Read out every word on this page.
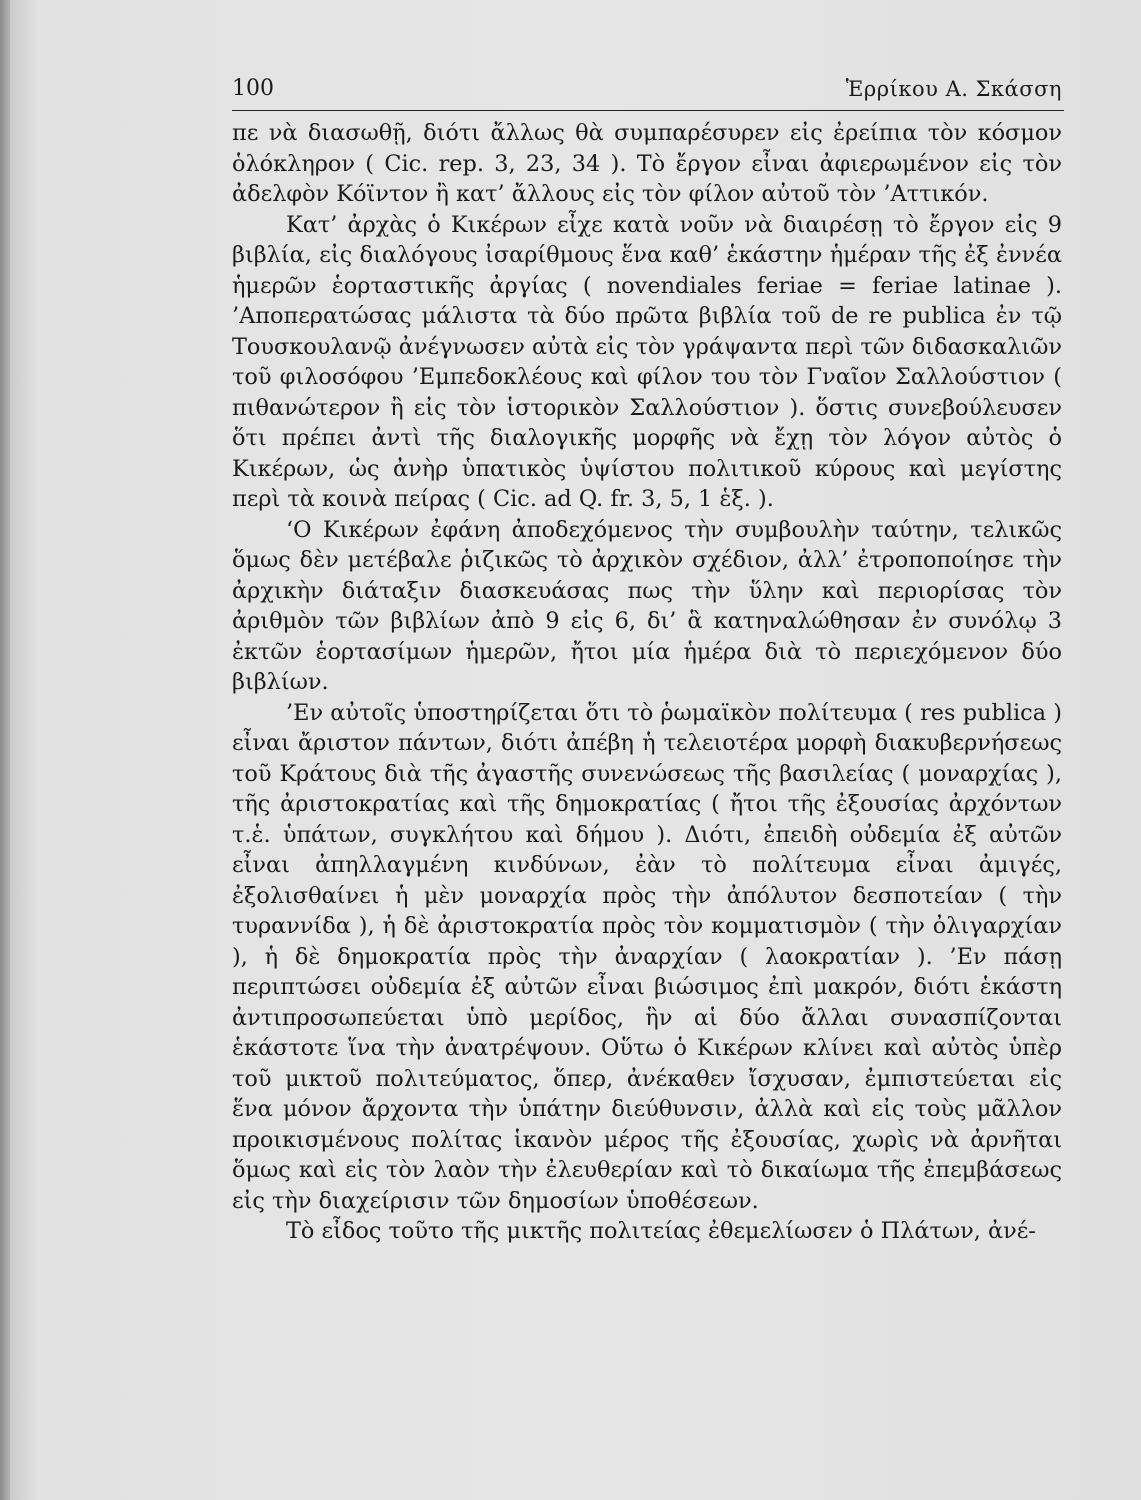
100	Ἑρρίκου Α. Σκάσση

πε νὰ διασωθῇ, διότι ἄλλως θὰ συμπαρέσυρεν εἰς ἐρείπια τὸν κόσμον ὁλόκληρον ( Cic. rep. 3, 23, 34 ). Τὸ ἔργον εἶναι ἀφιερωμένον εἰς τὸν ἀδελφὸν Κόϊντον ἢ κατ’ ἄλλους εἰς τὸν φίλον αὐτοῦ τὸν ’Αττικόν.

Κατ’ ἀρχὰς ὁ Κικέρων εἶχε κατὰ νοῦν νὰ διαιρέσῃ τὸ ἔργον εἰς 9 βιβλία, εἰς διαλόγους ἰσαρίθμους ἕνα καθ’ ἑκάστην ἡμέραν τῆς ἐξ ἐννέα ἡμερῶν ἑορταστικῆς ἀργίας ( novendiales feriae = feriae latinae ). ’Αποπερατώσας μάλιστα τὰ δύο πρῶτα βιβλία τοῦ de re publica ἐν τῷ Τουσκουλανῷ ἀνέγνωσεν αὐτὰ εἰς τὸν γράψαντα περὶ τῶν διδασκαλιῶν τοῦ φιλοσόφου ’Εμπεδοκλέους καὶ φίλον του τὸν Γναῖον Σαλλούστιον ( πιθανώτερον ἢ εἰς τὸν ἱστορικὸν Σαλλούστιον ). ὅστις συνεβούλευσεν ὅτι πρέπει ἀντὶ τῆς διαλογικῆς μορφῆς νὰ ἔχῃ τὸν λόγον αὐτὸς ὁ Κικέρων, ὡς ἀνὴρ ὑπατικὸς ὑψίστου πολιτικοῦ κύρους καὶ μεγίστης περὶ τὰ κοινὰ πείρας ( Cic. ad Q. fr. 3, 5, 1 ἑξ. ).

‘Ο Κικέρων ἐφάνη ἀποδεχόμενος τὴν συμβουλὴν ταύτην, τελικῶς ὅμως δὲν μετέβαλε ῥιζικῶς τὸ ἀρχικὸν σχέδιον, ἀλλ’ ἐτροποποίησε τὴν ἀρχικὴν διάταξιν διασκευάσας πως τὴν ὕλην καὶ περιορίσας τὸν ἀριθμὸν τῶν βιβλίων ἀπὸ 9 εἰς 6, δι’ ἃ κατηναλώθησαν ἐν συνόλῳ 3 ἐκτῶν ἑορτασίμων ἡμερῶν, ἤτοι μία ἡμέρα διὰ τὸ περιεχόμενον δύο βιβλίων.

’Εν αὐτοῖς ὑποστηρίζεται ὅτι τὸ ῥωμαϊκὸν πολίτευμα ( res publica ) εἶναι ἄριστον πάντων, διότι ἀπέβη ἡ τελειοτέρα μορφὴ διακυβερνήσεως τοῦ Κράτους διὰ τῆς ἀγαστῆς συνενώσεως τῆς βασιλείας ( μοναρχίας ), τῆς ἀριστοκρατίας καὶ τῆς δημοκρατίας ( ἤτοι τῆς ἐξουσίας ἀρχόντων τ.ἑ. ὑπάτων, συγκλήτου καὶ δήμου ). Διότι, ἐπειδὴ οὐδεμία ἐξ αὐτῶν εἶναι ἀπηλλαγμένη κινδύνων, ἐὰν τὸ πολίτευμα εἶναι ἀμιγές, ἐξολισθαίνει ἡ μὲν μοναρχία πρὸς τὴν ἀπόλυτον δεσποτείαν ( τὴν τυραννίδα ), ἡ δὲ ἀριστοκρατία πρὸς τὸν κομματισμὸν ( τὴν ὀλιγαρχίαν ), ἡ δὲ δημοκρατία πρὸς τὴν ἀναρχίαν ( λαοκρατίαν ). ’Εν πάσῃ περιπτώσει οὐδεμία ἐξ αὐτῶν εἶναι βιώσιμος ἐπὶ μακρόν, διότι ἑκάστη ἀντιπροσωπεύεται ὑπὸ μερίδος, ἣν αἱ δύο ἄλλαι συνασπίζονται ἑκάστοτε ἵνα τὴν ἀνατρέψουν. Οὕτω ὁ Κικέρων κλίνει καὶ αὐτὸς ὑπὲρ τοῦ μικτοῦ πολιτεύματος, ὅπερ, ἀνέκαθεν ἴσχυσαν, ἐμπιστεύεται εἰς ἕνα μόνον ἄρχοντα τὴν ὑπάτην διεύθυνσιν, ἀλλὰ καὶ εἰς τοὺς μᾶλλον προικισμένους πολίτας ἱκανὸν μέρος τῆς ἐξουσίας, χωρὶς νὰ ἀρνῆται ὅμως καὶ εἰς τὸν λαὸν τὴν ἐλευθερίαν καὶ τὸ δικαίωμα τῆς ἐπεμβάσεως εἰς τὴν διαχείρισιν τῶν δημοσίων ὑποθέσεων.

Τὸ εἶδος τοῦτο τῆς μικτῆς πολιτείας ἐθεμελίωσεν ὁ Πλάτων, ἀνέ-
